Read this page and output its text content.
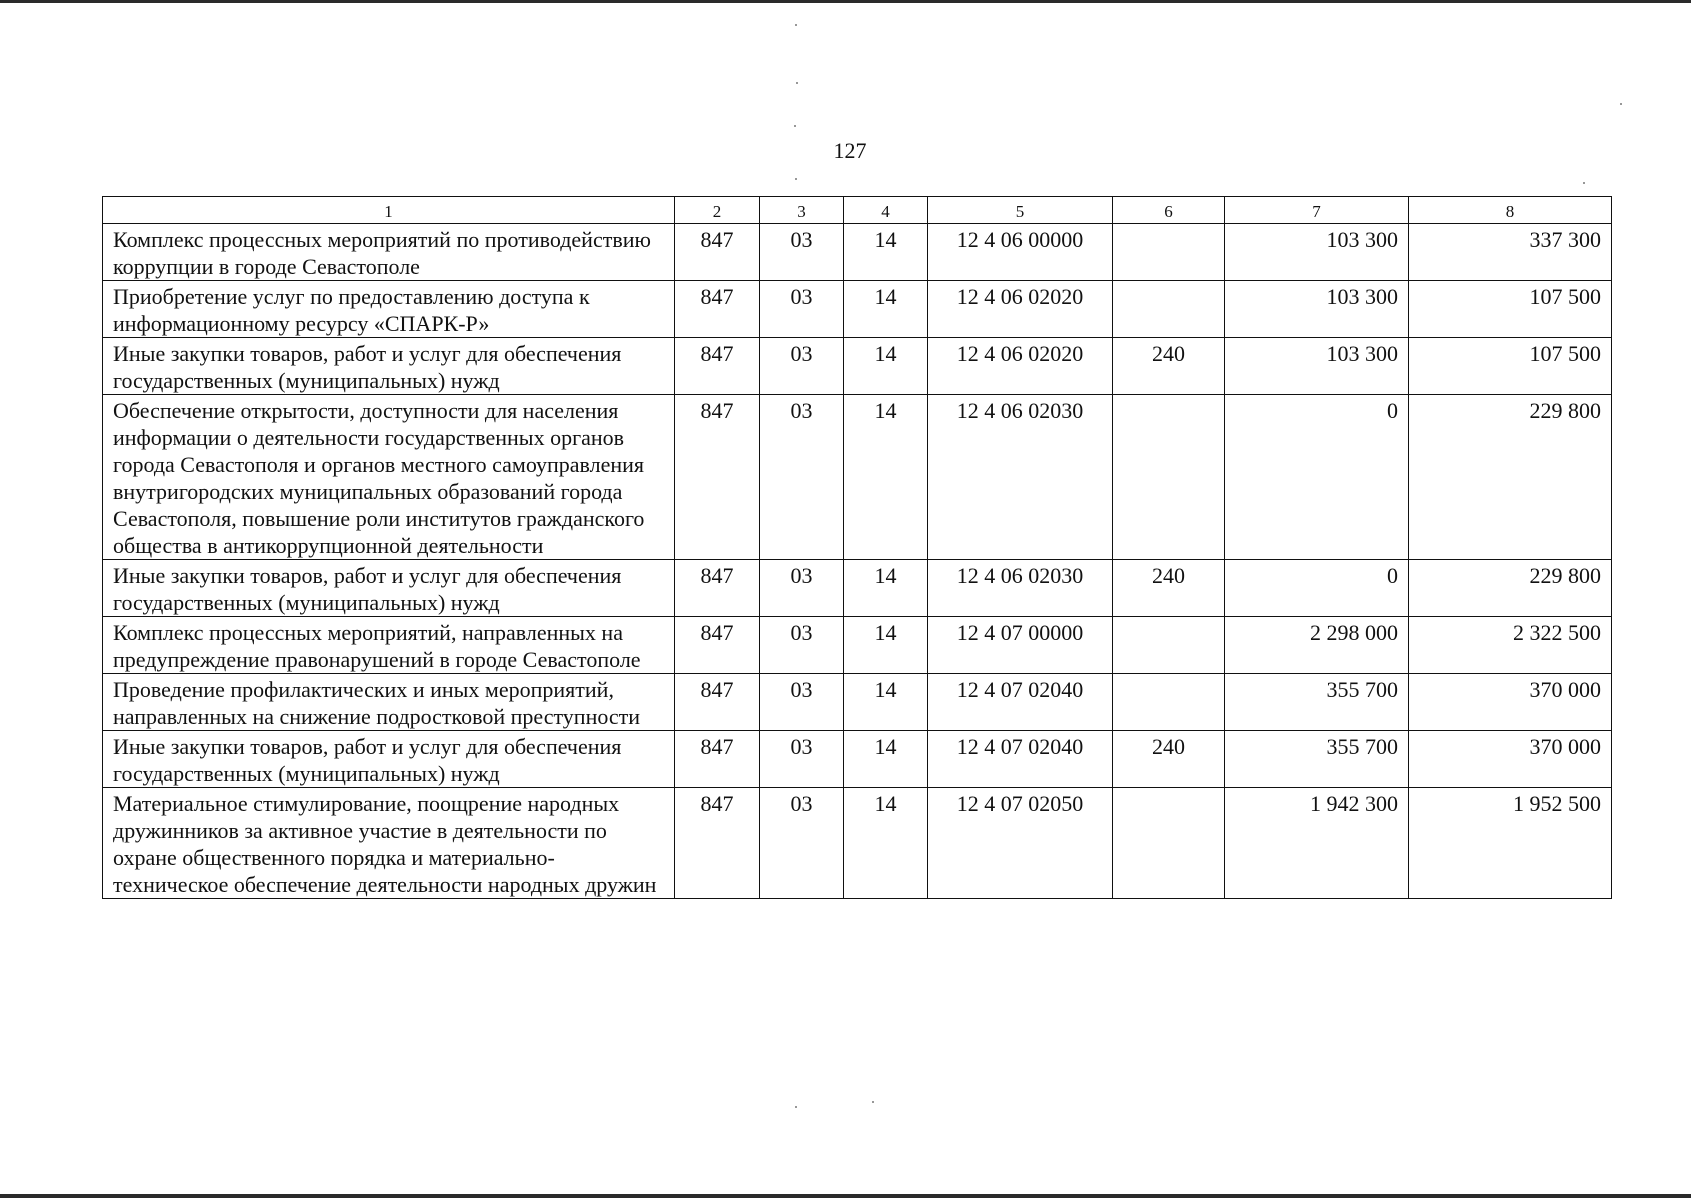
127
1	2	3	4	5	6	7	8
Комплекс процессных мероприятий по противодействию коррупции в городе Севастополе	847	03	14	12 4 06 00000		103 300	337 300
Приобретение услуг по предоставлению доступа к информационному ресурсу «СПАРК-Р»	847	03	14	12 4 06 02020		103 300	107 500
Иные закупки товаров, работ и услуг для обеспечения государственных (муниципальных) нужд	847	03	14	12 4 06 02020	240	103 300	107 500
Обеспечение открытости, доступности для населения информации о деятельности государственных органов города Севастополя и органов местного самоуправления внутригородских муниципальных образований города Севастополя, повышение роли институтов гражданского общества в антикоррупционной деятельности	847	03	14	12 4 06 02030		0	229 800
Иные закупки товаров, работ и услуг для обеспечения государственных (муниципальных) нужд	847	03	14	12 4 06 02030	240	0	229 800
Комплекс процессных мероприятий, направленных на предупреждение правонарушений в городе Севастополе	847	03	14	12 4 07 00000		2 298 000	2 322 500
Проведение профилактических и иных мероприятий, направленных на снижение подростковой преступности	847	03	14	12 4 07 02040		355 700	370 000
Иные закупки товаров, работ и услуг для обеспечения государственных (муниципальных) нужд	847	03	14	12 4 07 02040	240	355 700	370 000
Материальное стимулирование, поощрение народных дружинников за активное участие в деятельности по охране общественного порядка и материально-техническое обеспечение деятельности народных дружин	847	03	14	12 4 07 02050		1 942 300	1 952 500
